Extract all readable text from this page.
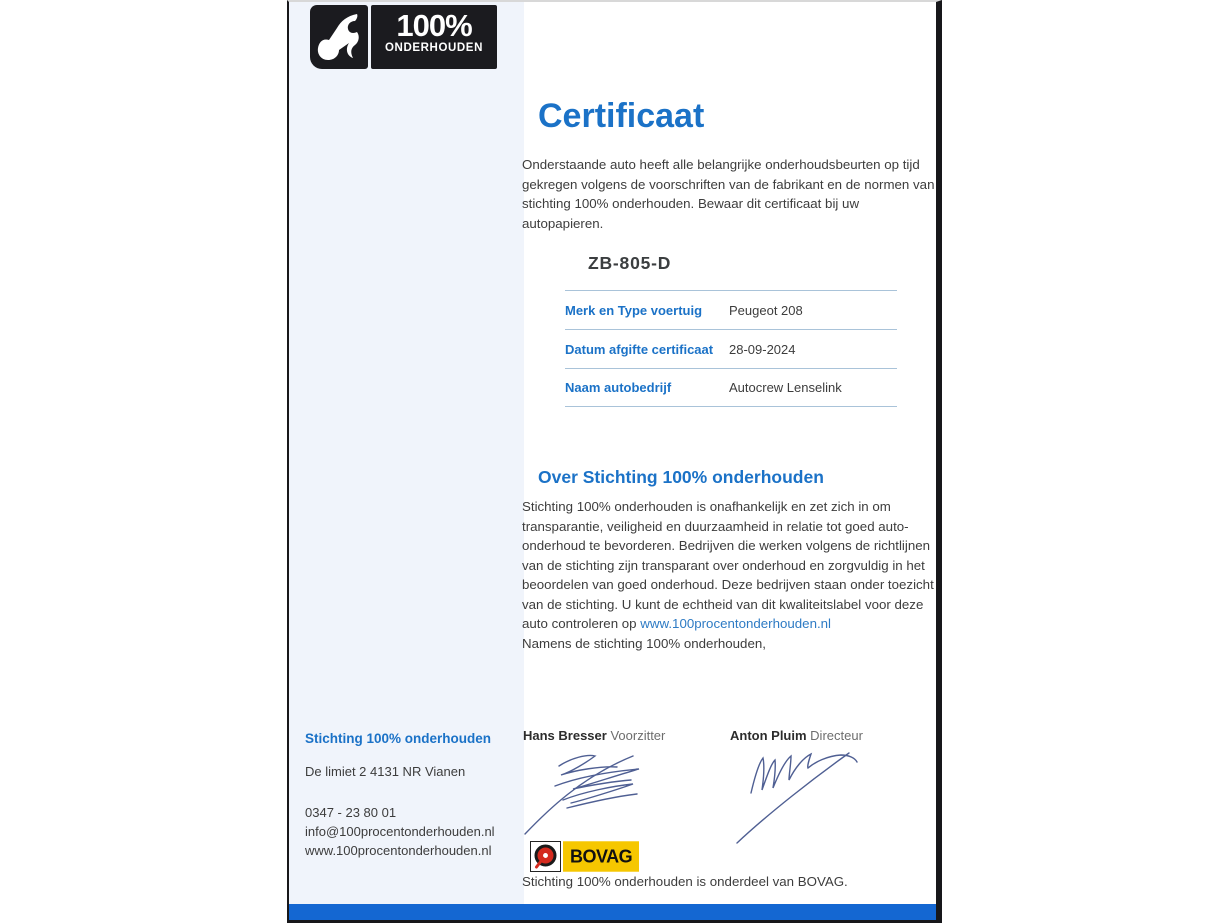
100%
ONDERHOUDEN
Certificaat
Onderstaande auto heeft alle belangrijke onderhoudsbeurten op tijd gekregen volgens de voorschriften van de fabrikant en de normen van stichting 100% onderhouden. Bewaar dit certificaat bij uw autopapieren.
ZB-805-D
Merk en Type voertuig	Peugeot 208
Datum afgifte certificaat	28-09-2024
Naam autobedrijf	Autocrew Lenselink
Over Stichting 100% onderhouden
Stichting 100% onderhouden is onafhankelijk en zet zich in om transparantie, veiligheid en duurzaamheid in relatie tot goed auto-onderhoud te bevorderen. Bedrijven die werken volgens de richtlijnen van de stichting zijn transparant over onderhoud en zorgvuldig in het beoordelen van goed onderhoud. Deze bedrijven staan onder toezicht van de stichting. U kunt de echtheid van dit kwaliteitslabel voor deze auto controleren op www.100procentonderhouden.nl
Namens de stichting 100% onderhouden,
Stichting 100% onderhouden
De limiet 2 4131 NR Vianen
0347 - 23 80 01
info@100procentonderhouden.nl
www.100procentonderhouden.nl
Hans Bresser Voorzitter	Anton Pluim Directeur
BOVAG
Stichting 100% onderhouden is onderdeel van BOVAG.
